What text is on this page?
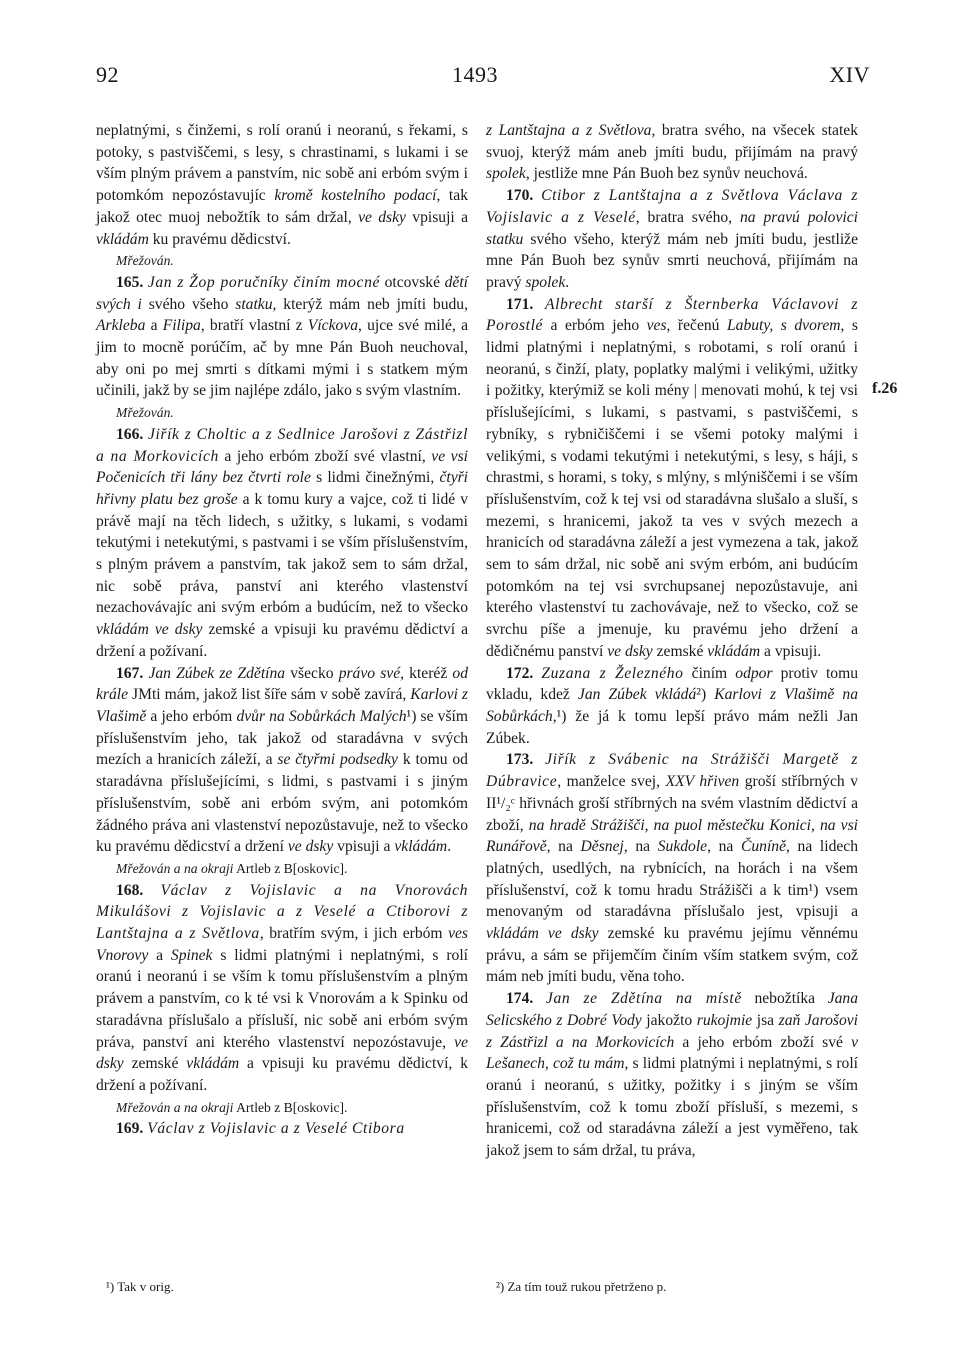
92	1493	XIV

neplatnými, s činžemi, s rolí oranú i neoranú, s řekami, s potoky, s pastviščemi, s lesy, s chrastinami, s lukami i se vším plným právem a panstvím, nic sobě ani erbóm svým i potomkóm nepozóstavujíc kromě kostelního podací, tak jakož otec muoj nebožtík to sám držal, ve dsky vpisuji a vkládám ku pravému dědicství.

Mřežován.

165. Jan z Žop poručníky činím mocné otcovské dětí svých i svého všeho statku, kterýž mám neb jmíti budu, Arkleba a Filipa, bratří vlastní z Víckova, ujce své milé, a jim to mocně porúčím, ač by mne Pán Buoh neuchoval, aby oni po mej smrti s dítkami mými i s statkem mým učinili, jakž by se jim najlépe zdálo, jako s svým vlastním.

Mřežován.

166. Jiřík z Choltic a z Sedlnice Jarošovi z Zástřizl a na Morkovicích a jeho erbóm zboží své vlastní, ve vsi Počenicích tři lány bez čtvrti role s lidmi činežnými, čtyři hřivny platu bez groše a k tomu kury a vajce, což ti lidé v právě mají na těch lidech, s užitky, s lukami, s vodami tekutými i netekutými, s pastvami i se vším příslušenstvím, s plným právem a panstvím, tak jakož sem to sám držal, nic sobě práva, panství ani kterého vlastenství nezachovávajíc ani svým erbóm a budúcím, než to všecko vkládám ve dsky zemské a vpisuji ku pravému dědictví a držení a požívaní.

167. Jan Zúbek ze Zdětína všecko právo své, kteréž od krále JMti mám, jakož list šíře sám v sobě zavírá, Karlovi z Vlašimě a jeho erbóm dvůr na Sobůrkách Malých¹) se vším příslušenstvím jeho, tak jakož od staradávna v svých mezích a hranicích záleží, a se čtyřmi podsedky k tomu od staradávna příslušejícími, s lidmi, s pastvami i s jiným příslušenstvím, sobě ani erbóm svým, ani potomkóm žádného práva ani vlastenství nepozůstavuje, než to všecko ku pravému dědicství a držení ve dsky vpisuji a vkládám.

Mřežován a na okraji Artleb z B[oskovic].

168. Václav z Vojislavic a na Vnorovách Mikulášovi z Vojislavic a z Veselé a Ctiborovi z Lantštajna a z Světlova, bratřím svým, i jich erbóm ves Vnorovy a Spinek s lidmi platnými i neplatnými, s rolí oranú i neoranú i se vším k tomu příslušenstvím a plným právem a panstvím, co k té vsi k Vnorovám a k Spinku od staradávna příslušalo a přísluší, nic sobě ani erbóm svým práva, panství ani kterého vlastenství nepozóstavuje, ve dsky zemské vkládám a vpisuji ku pravému dědictví, k držení a požívaní.

Mřežován a na okraji Artleb z B[oskovic].

169. Václav z Vojislavic a z Veselé Ctibora

z Lantštajna a z Světlova, bratra svého, na všecek statek svuoj, kterýž mám aneb jmíti budu, přijímám na pravý spolek, jestliže mne Pán Buoh bez synův neuchová.

170. Ctibor z Lantštajna a z Světlova Václava z Vojislavic a z Veselé, bratra svého, na pravú polovici statku svého všeho, kterýž mám neb jmíti budu, jestliže mne Pán Buoh bez synův smrti neuchová, přijímám na pravý spolek.

171. Albrecht starší z Šternberka Václavovi z Porostlé a erbóm jeho ves, řečenú Labuty, s dvorem, s lidmi platnými i neplatnými, s robotami, s rolí oranú i neoranú, s činží, platy, poplatky malými i velikými, užitky i požitky, kterýmiž se koli mény | menovati mohú, k tej vsi příslušejícími, s lukami, s pastvami, s pastviščemi, s rybníky, s rybničiščemi i se všemi potoky malými i velikými, s vodami tekutými i netekutými, s lesy, s háji, s chrastmi, s horami, s toky, s mlýny, s mlýniščemi i se vším příslušenstvím, což k tej vsi od staradávna slušalo a sluší, s mezemi, s hranicemi, jakož ta ves v svých mezech a hranicích od staradávna záleží a jest vymezena a tak, jakož sem to sám držal, nic sobě ani svým erbóm, ani budúcím potomkóm na tej vsi svrchupsanej nepozůstavuje, ani kterého vlastenství tu zachovávaje, než to všecko, což se svrchu píše a jmenuje, ku pravému jeho držení a dědičnému panství ve dsky zemské vkládám a vpisuji.

172. Zuzana z Železného činím odpor protiv tomu vkladu, kdež Jan Zúbek vkládá²) Karlovi z Vlašimě na Sobůrkách,¹) že já k tomu lepší právo mám nežli Jan Zúbek.

173. Jiřík z Svábenic na Strážišči Margetě z Dúbravice, manželce svej, XXV hřiven groší stříbrných v II¹/₂ᶜ hřivnách groší stříbrných na svém vlastním dědictví a zboží, na hradě Strážišči, na puol městečku Konici, na vsi Runářově, na Děsnej, na Sukdole, na Čuníně, na lidech platných, usedlých, na rybnících, na horách i na všem příslušenství, což k tomu hradu Strážišči a k tim¹) vsem menovaným od staradávna příslušalo jest, vpisuji a vkládám ve dsky zemské ku pravému jejímu věnnému právu, a sám se přijemčím činím vším statkem svým, což mám neb jmíti budu, věna toho.

174. Jan ze Zdětína na místě nebožtíka Jana Selicského z Dobré Vody jakožto rukojmie jsa zaň Jarošovi z Zástřizl a na Morkovicích a jeho erbóm zboží své v Lešanech, což tu mám, s lidmi platnými i neplatnými, s rolí oranú i neoranú, s užitky, požitky i s jiným se vším příslušenstvím, což k tomu zboží přísluší, s mezemi, s hranicemi, což od staradávna záleží a jest vyměřeno, tak jakož jsem to sám držal, tu práva,

f.26
¹) Tak v orig.	²) Za tím touž rukou přetrženo p.
